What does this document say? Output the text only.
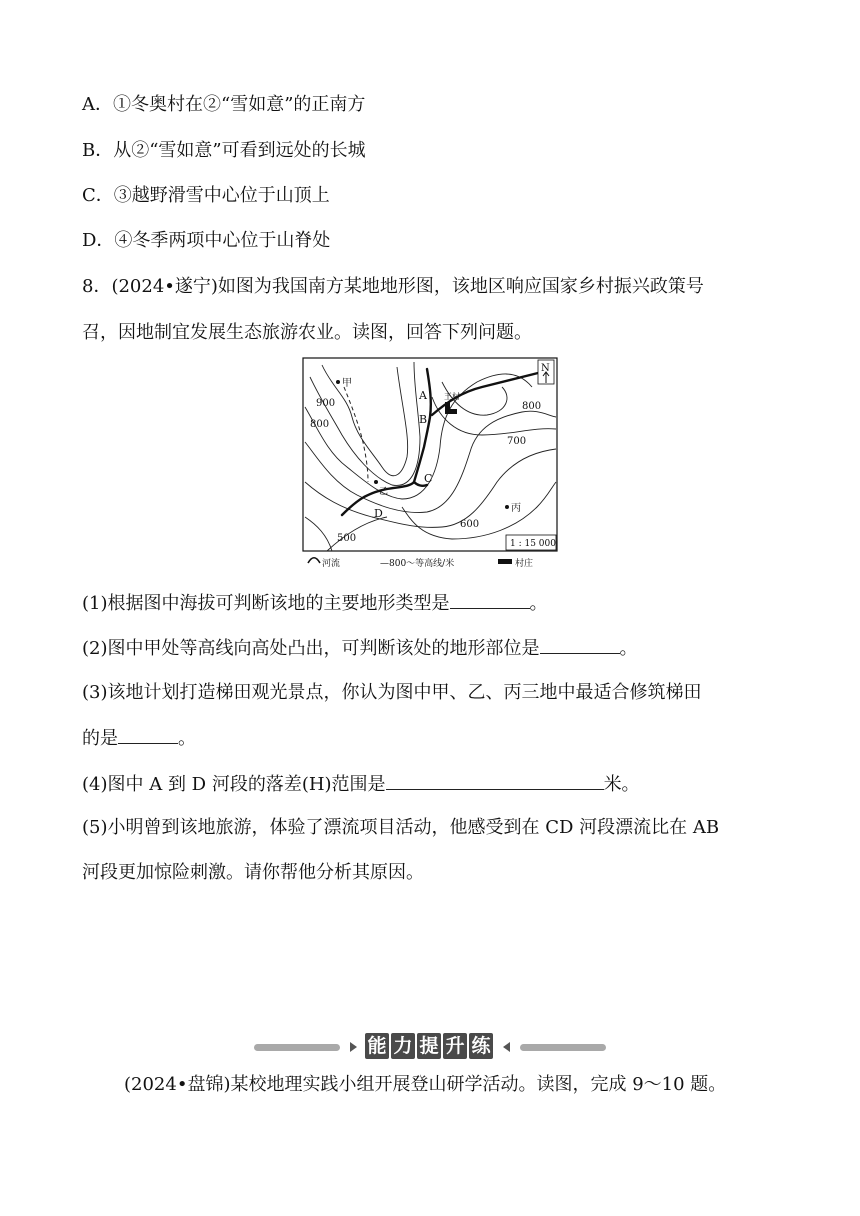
A．①冬奥村在②“雪如意”的正南方
B．从②“雪如意”可看到远处的长城
C．③越野滑雪中心位于山顶上
D．④冬季两项中心位于山脊处
8．(2024•遂宁)如图为我国南方某地地形图，该地区响应国家乡村振兴政策号
召，因地制宜发展生态旅游农业。读图，回答下列问题。
甲
乙
丙
A
B
C
D
王村
900
800
800
700
600
500
N
1 : 15 000
河流	—800～等高线/米	村庄
(1)根据图中海拔可判断该地的主要地形类型是	。
(2)图中甲处等高线向高处凸出，可判断该处的地形部位是	。
(3)该地计划打造梯田观光景点，你认为图中甲、乙、丙三地中最适合修筑梯田
的是	。
(4)图中 A 到 D 河段的落差(H)范围是	米。
(5)小明曾到该地旅游，体验了漂流项目活动，他感受到在 CD 河段漂流比在 AB
河段更加惊险刺激。请你帮他分析其原因。
能 力 提 升 练
(2024•盘锦)某校地理实践小组开展登山研学活动。读图，完成 9～10 题。
